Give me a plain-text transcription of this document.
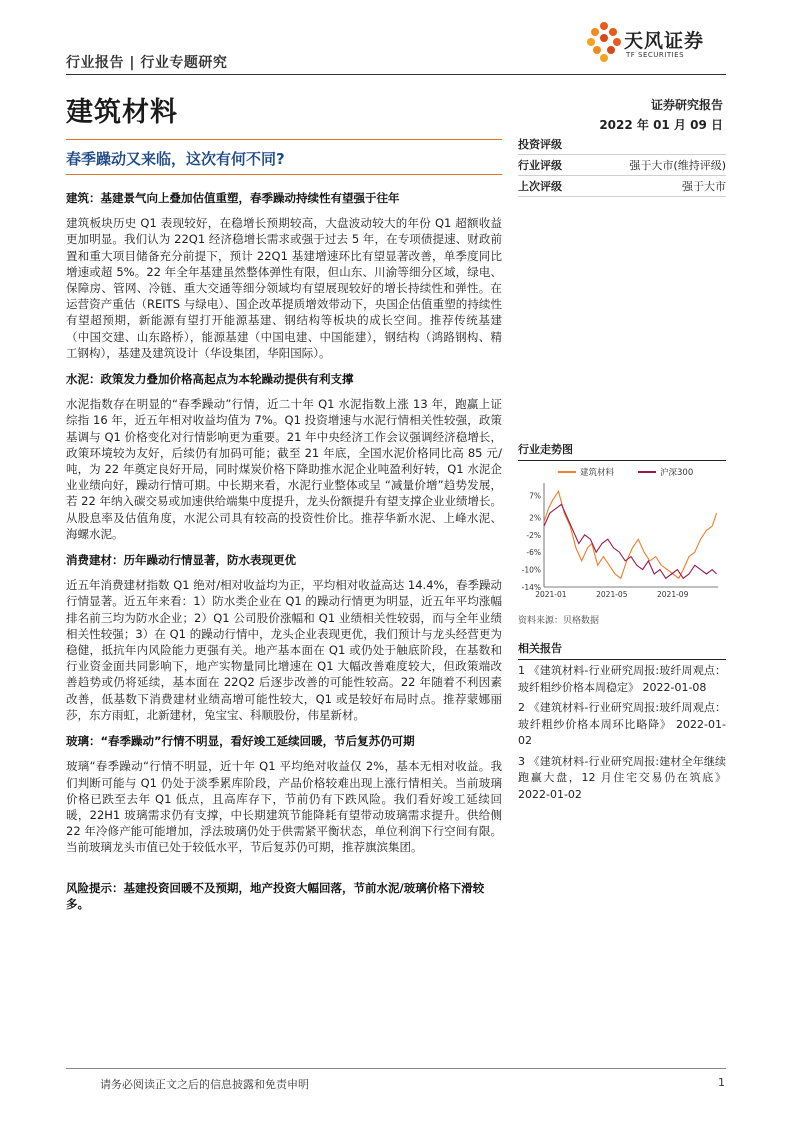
行业报告 | 行业专题研究
天风证券
TF SECURITIES
建筑材料	证券研究报告
2022 年 01 月 09 日
春季躁动又来临，这次有何不同?
建筑：基建景气向上叠加估值重塑，春季躁动持续性有望强于往年
建筑板块历史 Q1 表现较好，在稳增长预期较高，大盘波动较大的年份 Q1 超额收益更加明显。我们认为 22Q1 经济稳增长需求或强于过去 5 年，在专项债提速、财政前置和重大项目储备充分前提下，预计 22Q1 基建增速环比有望显著改善，单季度同比增速或超 5%。22 年全年基建虽然整体弹性有限，但山东、川渝等细分区域，绿电、保障房、管网、冷链、重大交通等细分领域均有望展现较好的增长持续性和弹性。在运营资产重估（REITS 与绿电）、国企改革提质增效带动下，央国企估值重塑的持续性有望超预期，新能源有望打开能源基建、钢结构等板块的成长空间。推荐传统基建（中国交建、山东路桥），能源基建（中国电建、中国能建），钢结构（鸿路钢构、精工钢构），基建及建筑设计（华设集团，华阳国际）。
水泥：政策发力叠加价格高起点为本轮躁动提供有利支撑
水泥指数存在明显的“春季躁动”行情，近二十年 Q1 水泥指数上涨 13 年，跑赢上证综指 16 年，近五年相对收益均值为 7%。Q1 投资增速与水泥行情相关性较强，政策基调与 Q1 价格变化对行情影响更为重要。21 年中央经济工作会议强调经济稳增长，政策环境较为友好，后续仍有加码可能；截至 21 年底，全国水泥价格同比高 85 元/吨，为 22 年奠定良好开局，同时煤炭价格下降助推水泥企业吨盈利好转，Q1 水泥企业业绩向好，躁动行情可期。中长期来看，水泥行业整体或呈 “减量价增”趋势发展，若 22 年纳入碳交易或加速供给端集中度提升，龙头份额提升有望支撑企业业绩增长。从股息率及估值角度，水泥公司具有较高的投资性价比。推荐华新水泥、上峰水泥、海螺水泥。
消费建材：历年躁动行情显著，防水表现更优
近五年消费建材指数 Q1 绝对/相对收益均为正，平均相对收益高达 14.4%，春季躁动行情显著。近五年来看：1）防水类企业在 Q1 的躁动行情更为明显，近五年平均涨幅排名前三均为防水企业；2）Q1 公司股价涨幅和 Q1 业绩相关性较弱，而与全年业绩相关性较强；3）在 Q1 的躁动行情中，龙头企业表现更优，我们预计与龙头经营更为稳健，抵抗年内风险能力更强有关。地产基本面在 Q1 或仍处于触底阶段，在基数和行业资金面共同影响下，地产实物量同比增速在 Q1 大幅改善难度较大，但政策端改善趋势或仍将延续，基本面在 22Q2 后逐步改善的可能性较高。22 年随着不利因素改善，低基数下消费建材业绩高增可能性较大，Q1 或是较好布局时点。推荐蒙娜丽莎，东方雨虹，北新建材，兔宝宝、科顺股份，伟星新材。
玻璃：“春季躁动”行情不明显，看好竣工延续回暖，节后复苏仍可期
玻璃“春季躁动“行情不明显，近十年 Q1 平均绝对收益仅 2%，基本无相对收益。我们判断可能与 Q1 仍处于淡季累库阶段，产品价格较难出现上涨行情相关。当前玻璃价格已跌至去年 Q1 低点，且高库存下，节前仍有下跌风险。我们看好竣工延续回暖，22H1 玻璃需求仍有支撑，中长期建筑节能降耗有望带动玻璃需求提升。供给侧 22 年冷修产能可能增加，浮法玻璃仍处于供需紧平衡状态，单位利润下行空间有限。当前玻璃龙头市值已处于较低水平，节后复苏仍可期，推荐旗滨集团。
风险提示：基建投资回暖不及预期，地产投资大幅回落，节前水泥/玻璃价格下滑较多。
投资评级
行业评级	强于大市(维持评级)
上次评级	强于大市
行业走势图
建筑材料	沪深300
7%
2%
-2%
-6%
-10%
-14%
2021-01	2021-05	2021-09
资料来源：贝格数据
相关报告
1 《建筑材料-行业研究周报:玻纤周观点：玻纤粗纱价格本周稳定》 2022-01-08
2 《建筑材料-行业研究周报:玻纤周观点：玻纤粗纱价格本周环比略降》 2022-01-02
3 《建筑材料-行业研究周报:建材全年继续跑赢大盘，12 月住宅交易仍在筑底》 2022-01-02
请务必阅读正文之后的信息披露和免责申明	1
